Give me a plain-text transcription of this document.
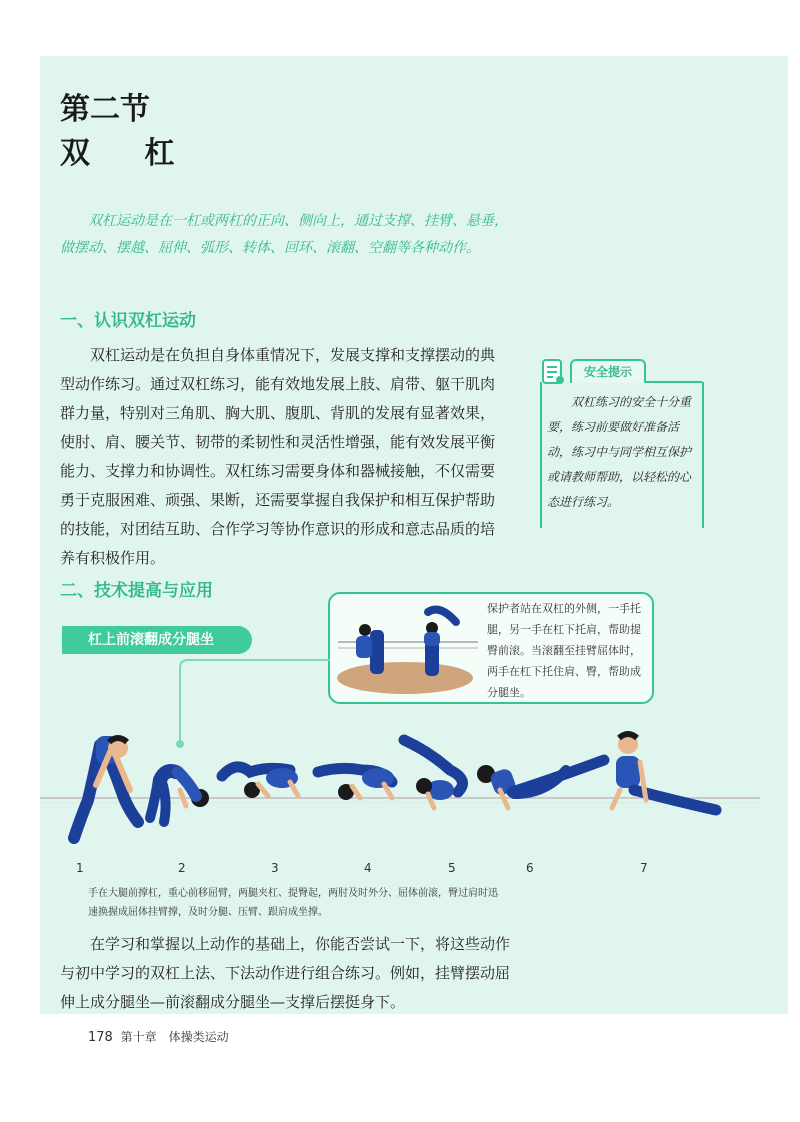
第二节
双 杠
双杠运动是在一杠或两杠的正向、侧向上，通过支撑、挂臂、悬垂，做摆动、摆越、屈伸、弧形、转体、回环、滚翻、空翻等各种动作。
一、认识双杠运动

双杠运动是在负担自身体重情况下，发展支撑和支撑摆动的典型动作练习。通过双杠练习，能有效地发展上肢、肩带、躯干肌肉群力量，特别对三角肌、胸大肌、腹肌、背肌的发展有显著效果，使肘、肩、腰关节、韧带的柔韧性和灵活性增强，能有效发展平衡能力、支撑力和协调性。双杠练习需要身体和器械接触，不仅需要勇于克服困难、顽强、果断，还需要掌握自我保护和相互保护帮助的技能，对团结互助、合作学习等协作意识的形成和意志品质的培养有积极作用。

安全提示
双杠练习的安全十分重要，练习前要做好准备活动，练习中与同学相互保护或请教师帮助，以轻松的心态进行练习。
二、技术提高与应用
1	2	3	4	5	6	7
杠上前滚翻成分腿坐
保护者站在双杠的外侧，一手托腿，另一手在杠下托肩，帮助提臀前滚。当滚翻至挂臂屈体时，两手在杠下托住肩、臀，帮助成分腿坐。
手在大腿前撑杠，重心前移屈臂，两腿夹杠、提臀起，两肘及时外分、屈体前滚，臀过肩时迅速换握成屈体挂臂撑，及时分腿、压臂、跟肩成坐撑。

在学习和掌握以上动作的基础上，你能否尝试一下，将这些动作与初中学习的双杠上法、下法动作进行组合练习。例如，挂臂摆动屈伸上成分腿坐—前滚翻成分腿坐—支撑后摆挺身下。

178 第十章　体操类运动
